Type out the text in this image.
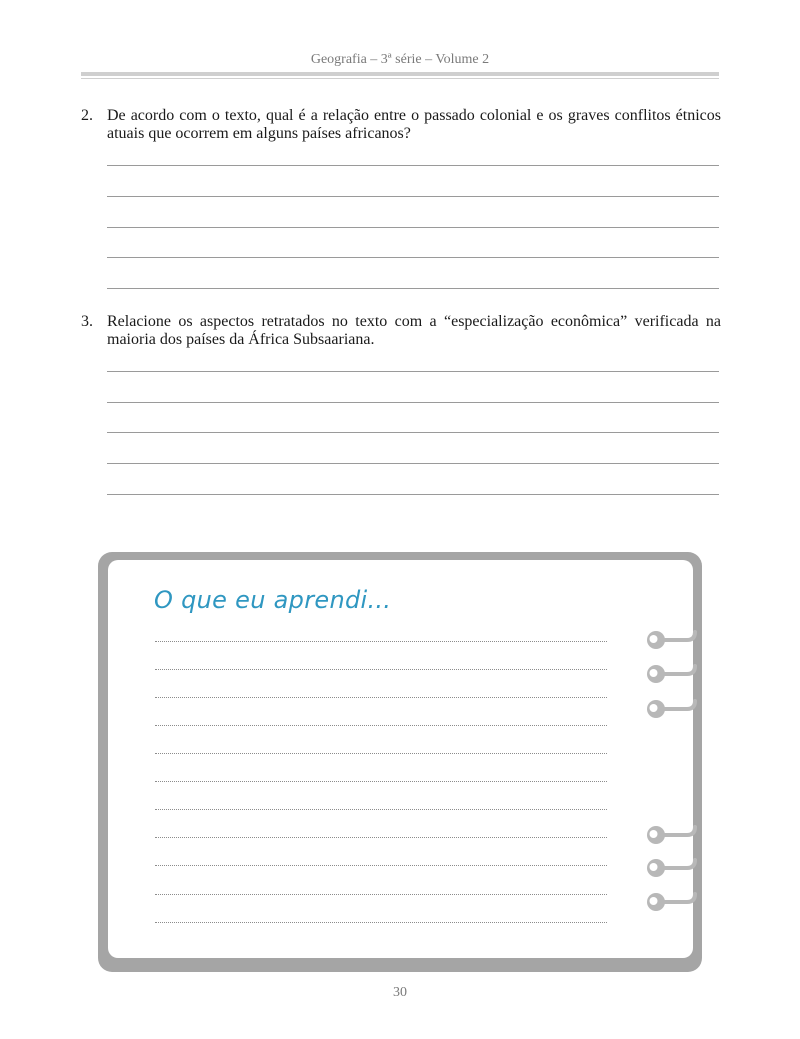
Geografia – 3ª série – Volume 2
2. De acordo com o texto, qual é a relação entre o passado colonial e os graves conflitos étnicos atuais que ocorrem em alguns países africanos?
3. Relacione os aspectos retratados no texto com a “especialização econômica” verificada na maioria dos países da África Subsaariana.
O que eu aprendi...
30
